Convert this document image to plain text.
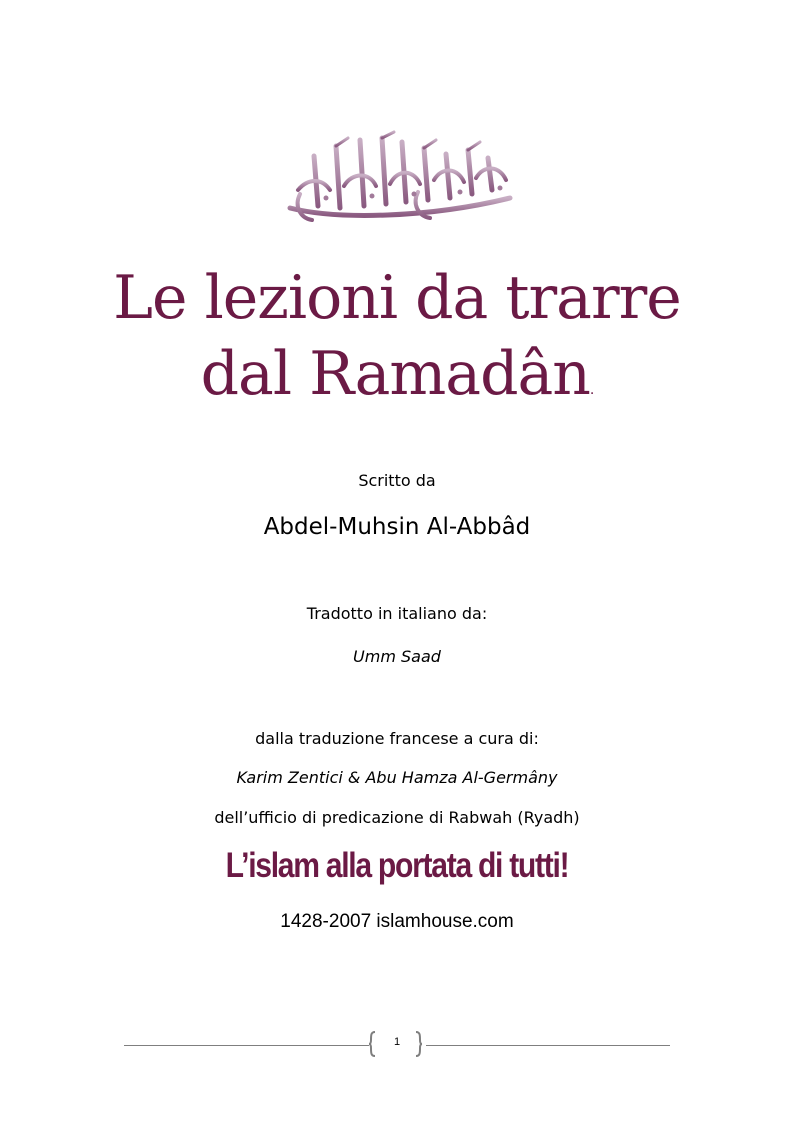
Le lezioni da trarre
dal Ramadân.

Scritto da

Abdel-Muhsin Al-Abbâd

Tradotto in italiano da:

Umm Saad

dalla traduzione francese a cura di:

Karim Zentici & Abu Hamza Al-Germâny

dell’ufficio di predicazione di Rabwah (Ryadh)

L’islam alla portata di tutti!

1428-2007 islamhouse.com

1
